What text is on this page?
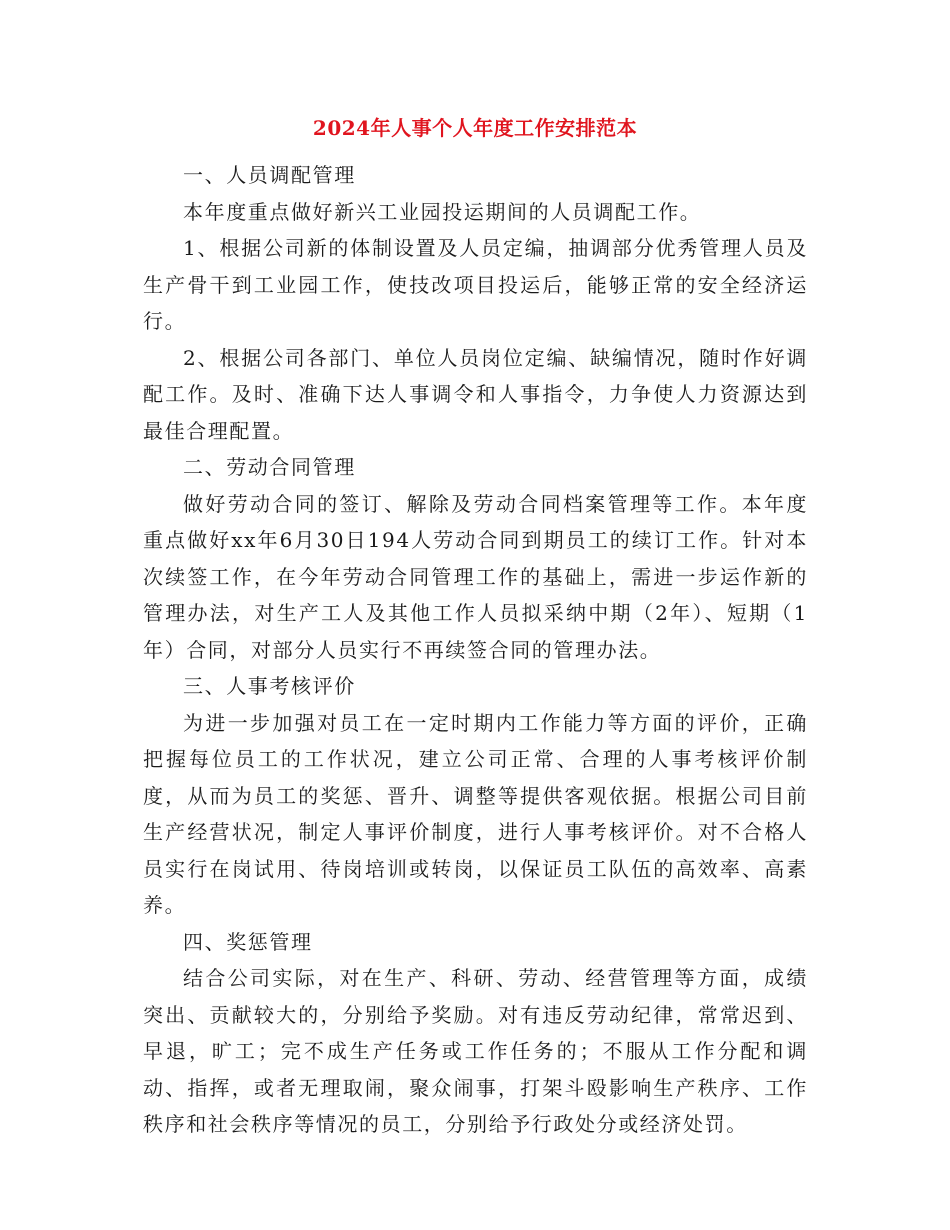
2024年人事个人年度工作安排范本

一、人员调配管理

本年度重点做好新兴工业园投运期间的人员调配工作。

1、根据公司新的体制设置及人员定编，抽调部分优秀管理人员及生产骨干到工业园工作，使技改项目投运后，能够正常的安全经济运行。

2、根据公司各部门、单位人员岗位定编、缺编情况，随时作好调配工作。及时、准确下达人事调令和人事指令，力争使人力资源达到最佳合理配置。

二、劳动合同管理

做好劳动合同的签订、解除及劳动合同档案管理等工作。本年度重点做好xx年6月30日194人劳动合同到期员工的续订工作。针对本次续签工作，在今年劳动合同管理工作的基础上，需进一步运作新的管理办法，对生产工人及其他工作人员拟采纳中期（2年）、短期（1年）合同，对部分人员实行不再续签合同的管理办法。

三、人事考核评价

为进一步加强对员工在一定时期内工作能力等方面的评价，正确把握每位员工的工作状况，建立公司正常、合理的人事考核评价制度，从而为员工的奖惩、晋升、调整等提供客观依据。根据公司目前生产经营状况，制定人事评价制度，进行人事考核评价。对不合格人员实行在岗试用、待岗培训或转岗，以保证员工队伍的高效率、高素养。

四、奖惩管理

结合公司实际，对在生产、科研、劳动、经营管理等方面，成绩突出、贡献较大的，分别给予奖励。对有违反劳动纪律，常常迟到、早退，旷工；完不成生产任务或工作任务的；不服从工作分配和调动、指挥，或者无理取闹，聚众闹事，打架斗殴影响生产秩序、工作秩序和社会秩序等情况的员工，分别给予行政处分或经济处罚。
